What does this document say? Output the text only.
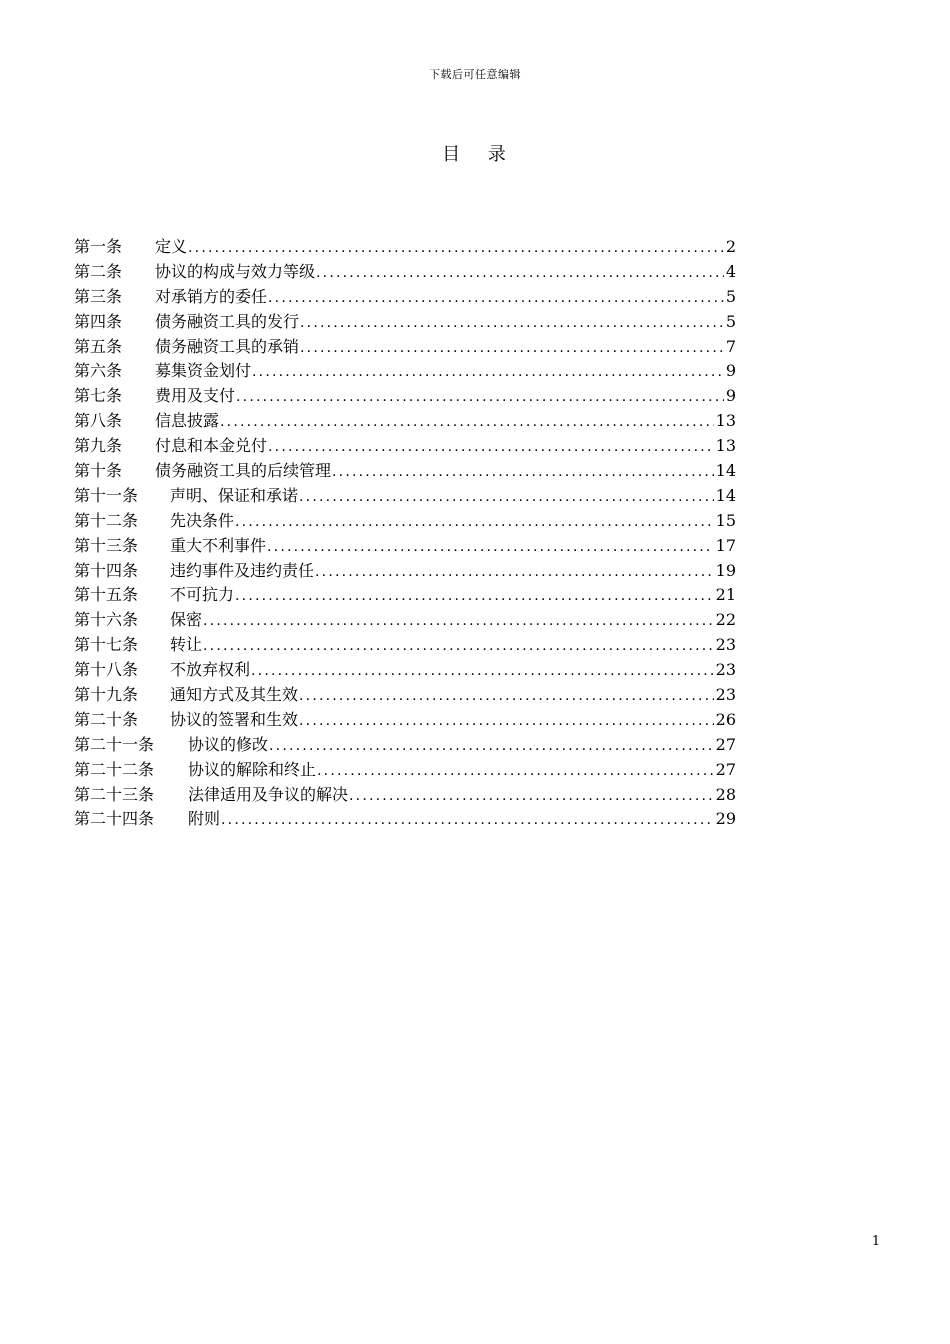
下载后可任意编辑
目 录
第一条	定义 .....	2
第二条	协议的构成与效力等级 .....	4
第三条	对承销方的委任 .....	5
第四条	债务融资工具的发行 .....	5
第五条	债务融资工具的承销 .....	7
第六条	募集资金划付 .....	9
第七条	费用及支付 .....	9
第八条	信息披露 .....	13
第九条	付息和本金兑付 .....	13
第十条	债务融资工具的后续管理 .....	14
第十一条	声明、保证和承诺 .....	14
第十二条	先决条件 .....	15
第十三条	重大不利事件 .....	17
第十四条	违约事件及违约责任 .....	19
第十五条	不可抗力 .....	21
第十六条	保密 .....	22
第十七条	转让 .....	23
第十八条	不放弃权利 .....	23
第十九条	通知方式及其生效 .....	23
第二十条	协议的签署和生效 .....	26
第二十一条	协议的修改 .....	27
第二十二条	协议的解除和终止 .....	27
第二十三条	法律适用及争议的解决 .....	28
第二十四条	附则 .....	29
1
